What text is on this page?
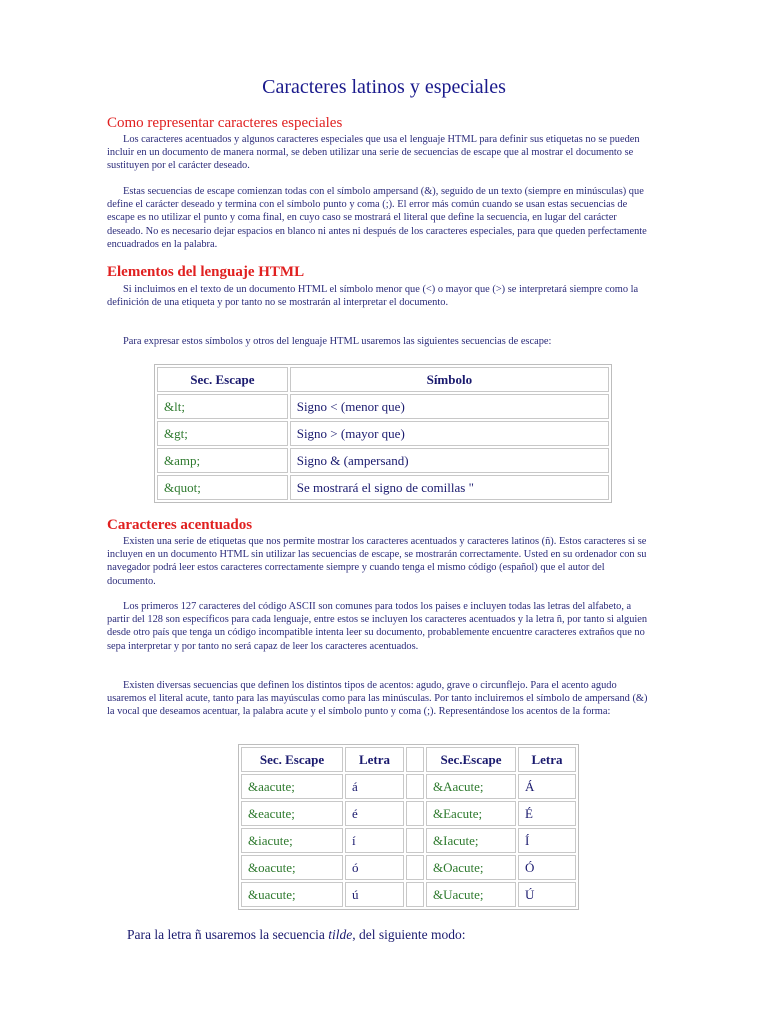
Caracteres latinos y especiales
Como representar caracteres especiales

Los caracteres acentuados y algunos caracteres especiales que usa el lenguaje HTML para definir sus etiquetas no se pueden incluir en un documento de manera normal, se deben utilizar una serie de secuencias de escape que al mostrar el documento se sustituyen por el carácter deseado.

Estas secuencias de escape comienzan todas con el símbolo ampersand (&), seguido de un texto (siempre en minúsculas) que define el carácter deseado y termina con el símbolo punto y coma (;). El error más común cuando se usan estas secuencias de escape es no utilizar el punto y coma final, en cuyo caso se mostrará el literal que define la secuencia, en lugar del carácter deseado. No es necesario dejar espacios en blanco ni antes ni después de los caracteres especiales, para que queden perfectamente encuadrados en la palabra.

Elementos del lenguaje HTML

Si incluimos en el texto de un documento HTML el símbolo menor que (<) o mayor que (>) se interpretará siempre como la definición de una etiqueta y por tanto no se mostrarán al interpretar el documento.

Para expresar estos símbolos y otros del lenguaje HTML usaremos las siguientes secuencias de escape:

Sec. Escape	Símbolo
&lt;	Signo < (menor que)
&gt;	Signo > (mayor que)
&amp;	Signo & (ampersand)
&quot;	Se mostrará el signo de comillas "
Caracteres acentuados

Existen una serie de etiquetas que nos permite mostrar los caracteres acentuados y caracteres latinos (ñ). Estos caracteres si se incluyen en un documento HTML sin utilizar las secuencias de escape, se mostrarán correctamente. Usted en su ordenador con su navegador podrá leer estos caracteres correctamente siempre y cuando tenga el mismo código (español) que el autor del documento.

Los primeros 127 caracteres del código ASCII son comunes para todos los paises e incluyen todas las letras del alfabeto, a partir del 128 son específicos para cada lenguaje, entre estos se incluyen los caracteres acentuados y la letra ñ, por tanto si alguien desde otro país que tenga un código incompatible intenta leer su documento, probablemente encuentre caracteres extraños que no sepa interpretar y por tanto no será capaz de leer los caracteres acentuados.

Existen diversas secuencias que definen los distintos tipos de acentos: agudo, grave o circunflejo. Para el acento agudo usaremos el literal acute, tanto para las mayúsculas como para las minúsculas. Por tanto incluiremos el símbolo de ampersand (&) la vocal que deseamos acentuar, la palabra acute y el símbolo punto y coma (;). Representándose los acentos de la forma:

Sec. Escape	Letra		Sec.Escape	Letra
&aacute;	á		&Aacute;	Á
&eacute;	é		&Eacute;	É
&iacute;	í		&Iacute;	Í
&oacute;	ó		&Oacute;	Ó
&uacute;	ú		&Uacute;	Ú

Para la letra ñ usaremos la secuencia tilde, del siguiente modo:
